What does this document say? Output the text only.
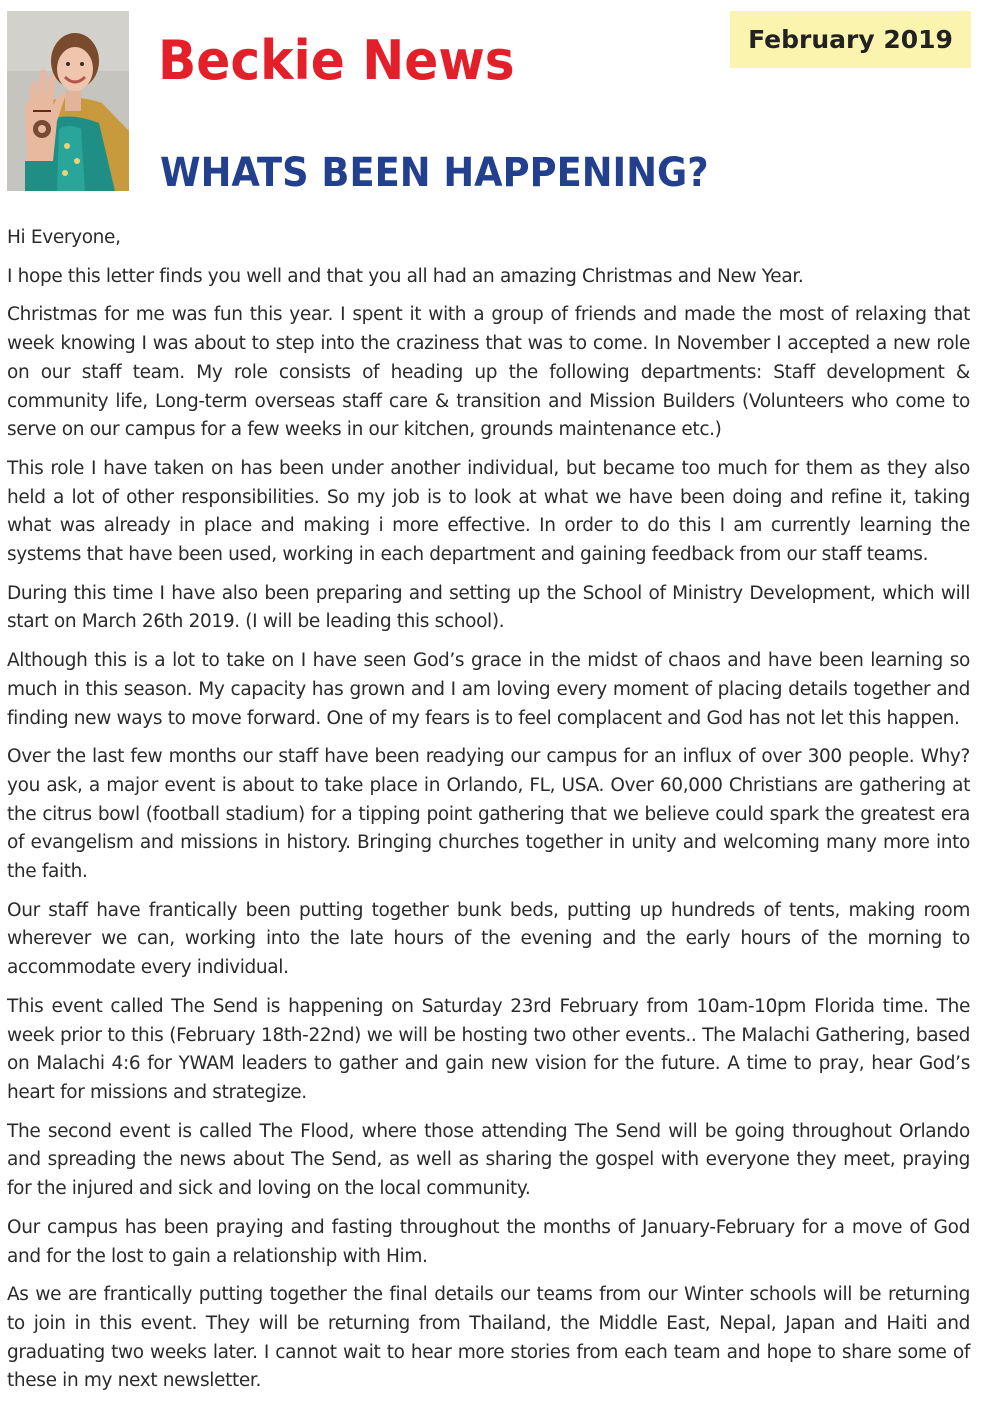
Beckie News	February 2019
WHATS BEEN HAPPENING?

Hi Everyone,

I hope this letter finds you well and that you all had an amazing Christmas and New Year.

Christmas for me was fun this year. I spent it with a group of friends and made the most of relaxing that week knowing I was about to step into the craziness that was to come. In November I accepted a new role on our staff team. My role consists of heading up the following departments: Staff development & community life, Long-term overseas staff care & transition and Mission Builders (Volunteers who come to serve on our campus for a few weeks in our kitchen, grounds maintenance etc.)

This role I have taken on has been under another individual, but became too much for them as they also held a lot of other responsibilities. So my job is to look at what we have been doing and refine it, taking what was already in place and making i more effective. In order to do this I am currently learning the systems that have been used, working in each department and gaining feedback from our staff teams.

During this time I have also been preparing and setting up the School of Ministry Development, which will start on March 26th 2019. (I will be leading this school).

Although this is a lot to take on I have seen God’s grace in the midst of chaos and have been learning so much in this season. My capacity has grown and I am loving every moment of placing details together and finding new ways to move forward. One of my fears is to feel complacent and God has not let this happen.

Over the last few months our staff have been readying our campus for an influx of over 300 people. Why? you ask, a major event is about to take place in Orlando, FL, USA. Over 60,000 Christians are gathering at the citrus bowl (football stadium) for a tipping point gathering that we believe could spark the greatest era of evangelism and missions in history. Bringing churches together in unity and welcoming many more into the faith.

Our staff have frantically been putting together bunk beds, putting up hundreds of tents, making room wherever we can, working into the late hours of the evening and the early hours of the morning to accommodate every individual.

This event called The Send is happening on Saturday 23rd February from 10am-10pm Florida time. The week prior to this (February 18th-22nd) we will be hosting two other events.. The Malachi Gathering, based on Malachi 4:6 for YWAM leaders to gather and gain new vision for the future. A time to pray, hear God’s heart for missions and strategize.

The second event is called The Flood, where those attending The Send will be going throughout Orlando and spreading the news about The Send, as well as sharing the gospel with everyone they meet, praying for the injured and sick and loving on the local community.

Our campus has been praying and fasting throughout the months of January-February for a move of God and for the lost to gain a relationship with Him.

As we are frantically putting together the final details our teams from our Winter schools will be returning to join in this event. They will be returning from Thailand, the Middle East, Nepal, Japan and Haiti and graduating two weeks later. I cannot wait to hear more stories from each team and hope to share some of these in my next newsletter.
